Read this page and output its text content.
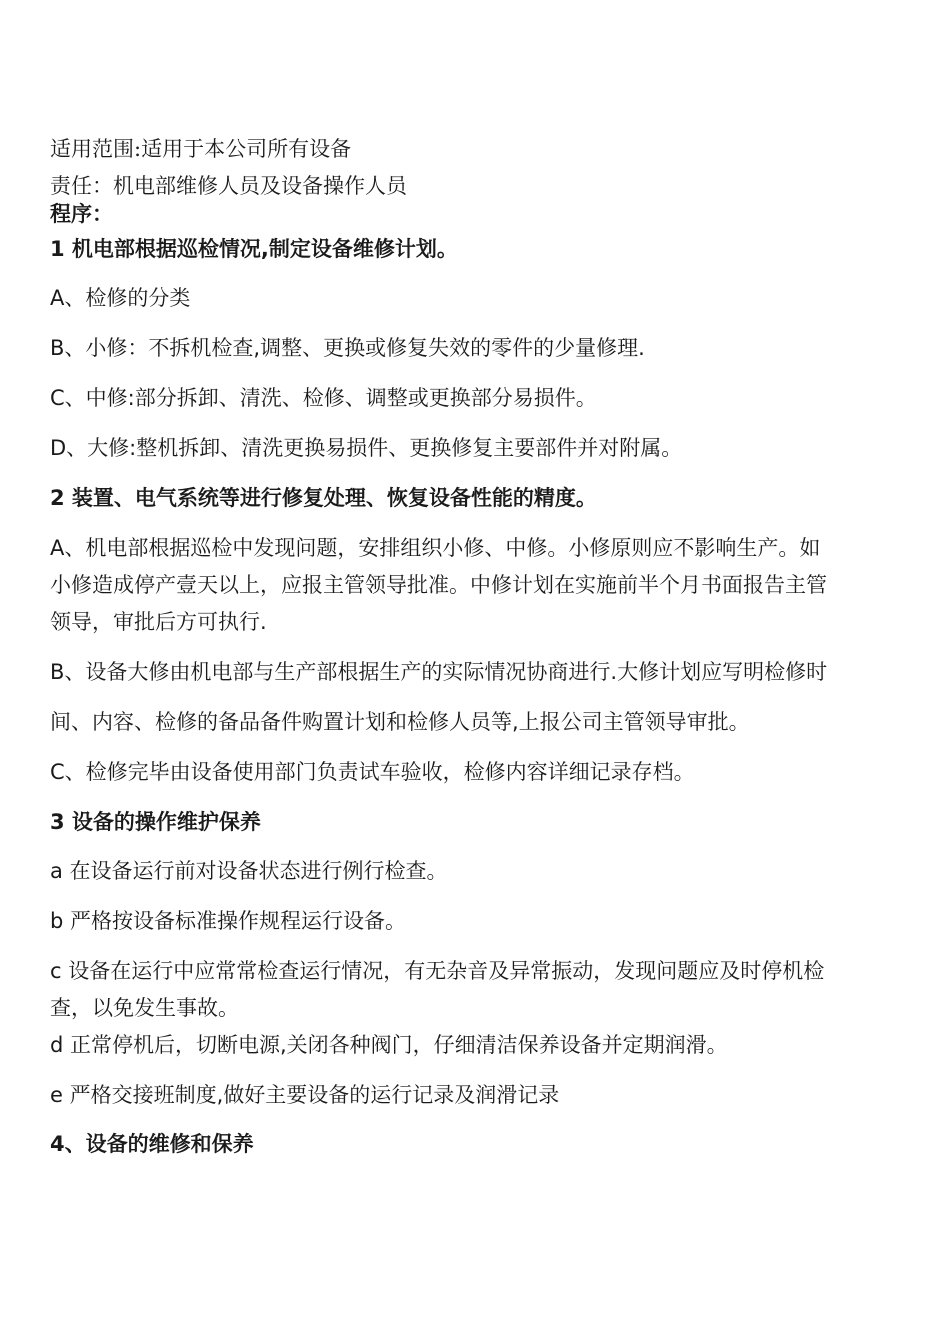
适用范围:适用于本公司所有设备
责任：机电部维修人员及设备操作人员
程序：
1 机电部根据巡检情况,制定设备维修计划。
A、检修的分类
B、小修：不拆机检查,调整、更换或修复失效的零件的少量修理.
C、中修:部分拆卸、清洗、检修、调整或更换部分易损件。
D、大修:整机拆卸、清洗更换易损件、更换修复主要部件并对附属。
2 装置、电气系统等进行修复处理、恢复设备性能的精度。
A、机电部根据巡检中发现问题，安排组织小修、中修。小修原则应不影响生产。如
小修造成停产壹天以上，应报主管领导批准。中修计划在实施前半个月书面报告主管
领导，审批后方可执行.
B、设备大修由机电部与生产部根据生产的实际情况协商进行.大修计划应写明检修时
间、内容、检修的备品备件购置计划和检修人员等,上报公司主管领导审批。
C、检修完毕由设备使用部门负责试车验收，检修内容详细记录存档。
3 设备的操作维护保养
a 在设备运行前对设备状态进行例行检查。
b 严格按设备标准操作规程运行设备。
c 设备在运行中应常常检查运行情况，有无杂音及异常振动，发现问题应及时停机检
查，以免发生事故。
d 正常停机后，切断电源,关闭各种阀门，仔细清洁保养设备并定期润滑。
e 严格交接班制度,做好主要设备的运行记录及润滑记录
4、设备的维修和保养
